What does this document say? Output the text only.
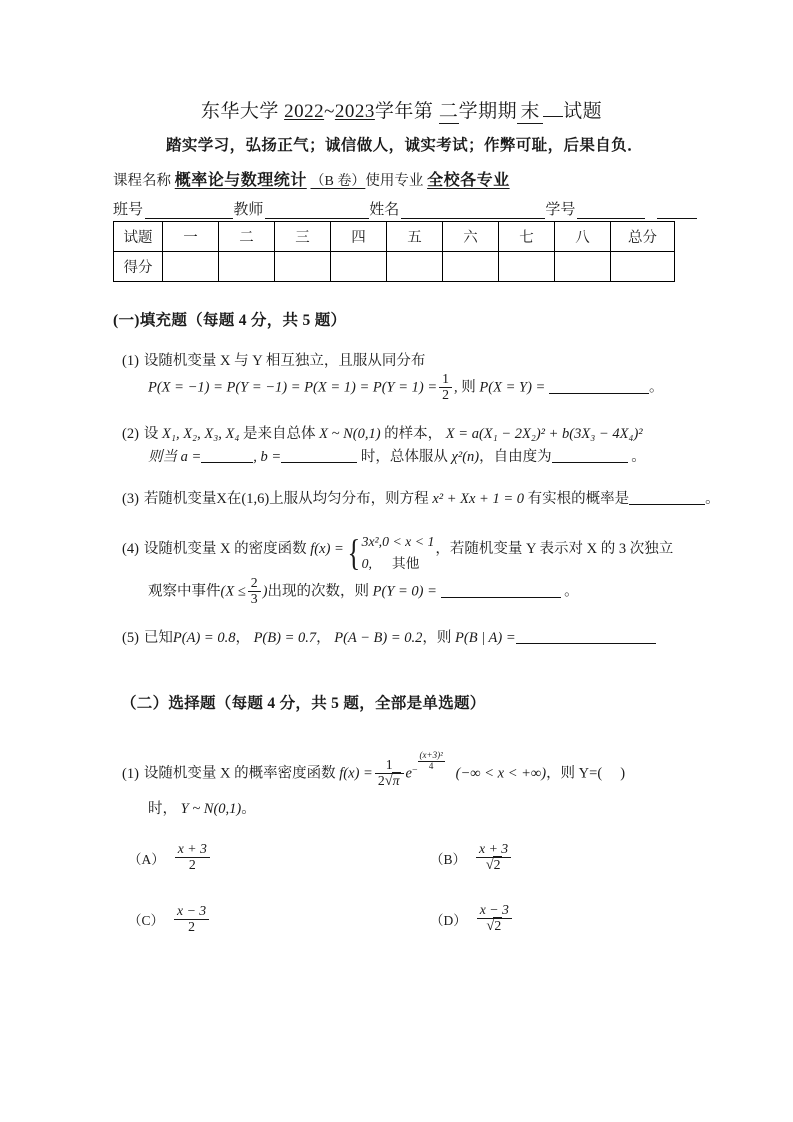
东华大学 2022~2023学年第 二学期期 末 试题
踏实学习，弘扬正气；诚信做人，诚实考试；作弊可耻，后果自负．
课程名称 概率论与数理统计 （B 卷）使用专业 全校各专业
班号	教师	姓名	学号
试题	一	二	三	四	五	六	七	八	总分
得分									
(一)填充题（每题 4 分，共 5 题）
(1) 设随机变量 X 与 Y 相互独立，且服从同分布
$P(X = -1) = P(Y = -1) = P(X = 1) = P(Y = 1) = \frac{1}{2}$ , 则 P(X = Y) =	。
(2) 设 X₁, X₂, X₃, X₄ 是来自总体 X ~ N(0,1) 的样本， X = a(X₁ − 2X₂)² + b(3X₃ − 4X₄)²
则当 a =	, b =	时，总体服从 χ²(n)，自由度为	。
(3) 若随机变量X在(1,6)上服从均匀分布，则方程 x² + Xx + 1 = 0 有实根的概率是	。
(4) 设随机变量 X 的密度函数 f(x) = { 3x²,0 < x < 1
0, 其他
，若随机变量 Y 表示对 X 的 3 次独立
观察中事件($X \le \frac{2}{3}$ )出现的次数，则 P(Y = 0) =	。
(5) 已知P(A) = 0.8， P(B) = 0.7， P(A − B) = 0.2，则 P(B | A) =
（二）选择题（每题 4 分，共 5 题，全部是单选题）
(1) 设随机变量 X 的概率密度函数 $f(x) = \frac{1}{2√\pi} e^- \frac{\text{(x+3)²}}{4}$
(−∞ < x < +∞)，则 Y=( )
时， Y ~ N(0,1)。
$(A) \frac{x + 3}{2}$	$(B) \frac{x + 3}{√2}$
$(C) \frac{x - 3}{2}$	$(D) \frac{x - 3}{√2}$
